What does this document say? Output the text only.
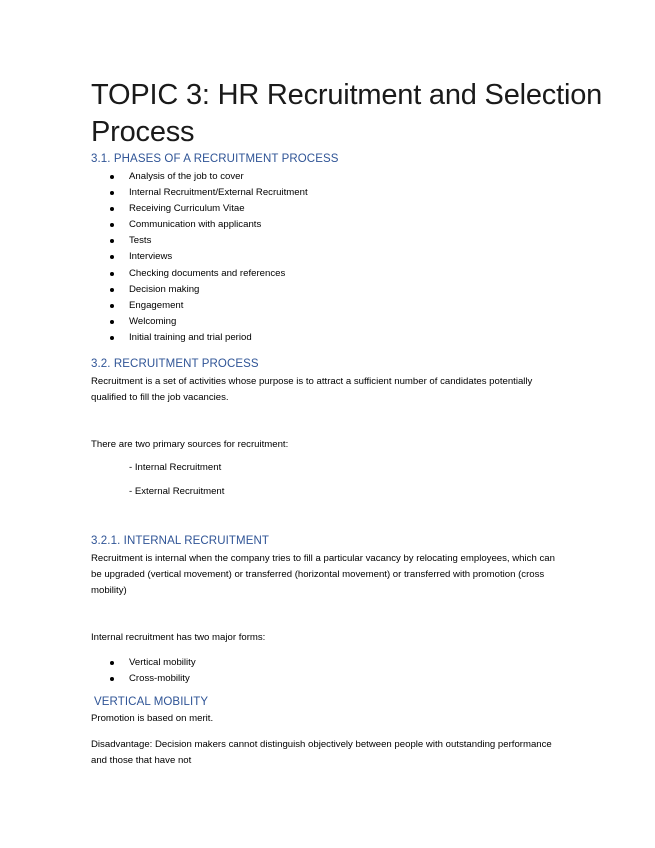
TOPIC 3: HR Recruitment and Selection Process
3.1. PHASES OF A RECRUITMENT PROCESS
Analysis of the job to cover
Internal Recruitment/External Recruitment
Receiving Curriculum Vitae
Communication with applicants
Tests
Interviews
Checking documents and references
Decision making
Engagement
Welcoming
Initial training and trial period
3.2. RECRUITMENT PROCESS
Recruitment is a set of activities whose purpose is to attract a sufficient number of candidates potentially qualified to fill the job vacancies.
There are two primary sources for recruitment:
- Internal Recruitment
- External Recruitment
3.2.1. INTERNAL RECRUITMENT
Recruitment is internal when the company tries to fill a particular vacancy by relocating employees, which can be upgraded (vertical movement) or transferred (horizontal movement) or transferred with promotion (cross mobility)
Internal recruitment has two major forms:
Vertical mobility
Cross-mobility
VERTICAL MOBILITY
Promotion is based on merit.
Disadvantage: Decision makers cannot distinguish objectively between people with outstanding performance and those that have not
